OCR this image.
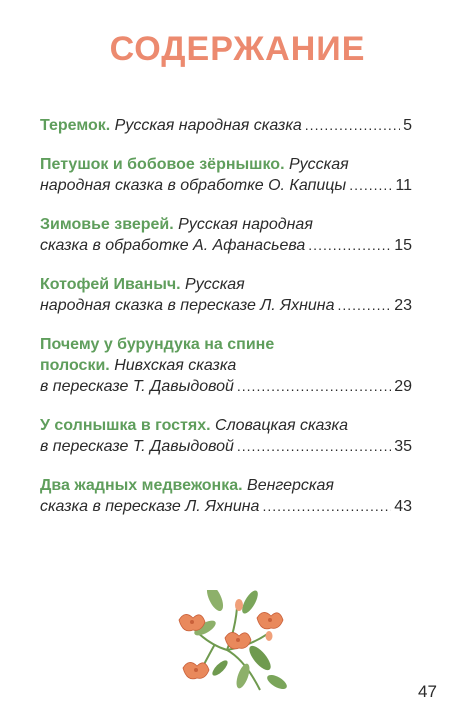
СОДЕРЖАНИЕ
Теремок.
Русская народная сказка .....	5
Петушок и бобовое зёрнышко.
Русская
народная сказка в обработке О. Капицы .....	11
Зимовье зверей.
Русская народная
сказка в обработке А. Афанасьева .....	15
Котофей Иваныч.
Русская
народная сказка в пересказе Л. Яхнина .....	23
Почему у бурундука на спине
полоски.
Нивхская сказка
в пересказе Т. Давыдовой .....	29
У солнышка в гостях.
Словацкая сказка
в пересказе Т. Давыдовой .....	35
Два жадных медвежонка.
Венгерская
сказка в пересказе Л. Яхнина .....	43
47
